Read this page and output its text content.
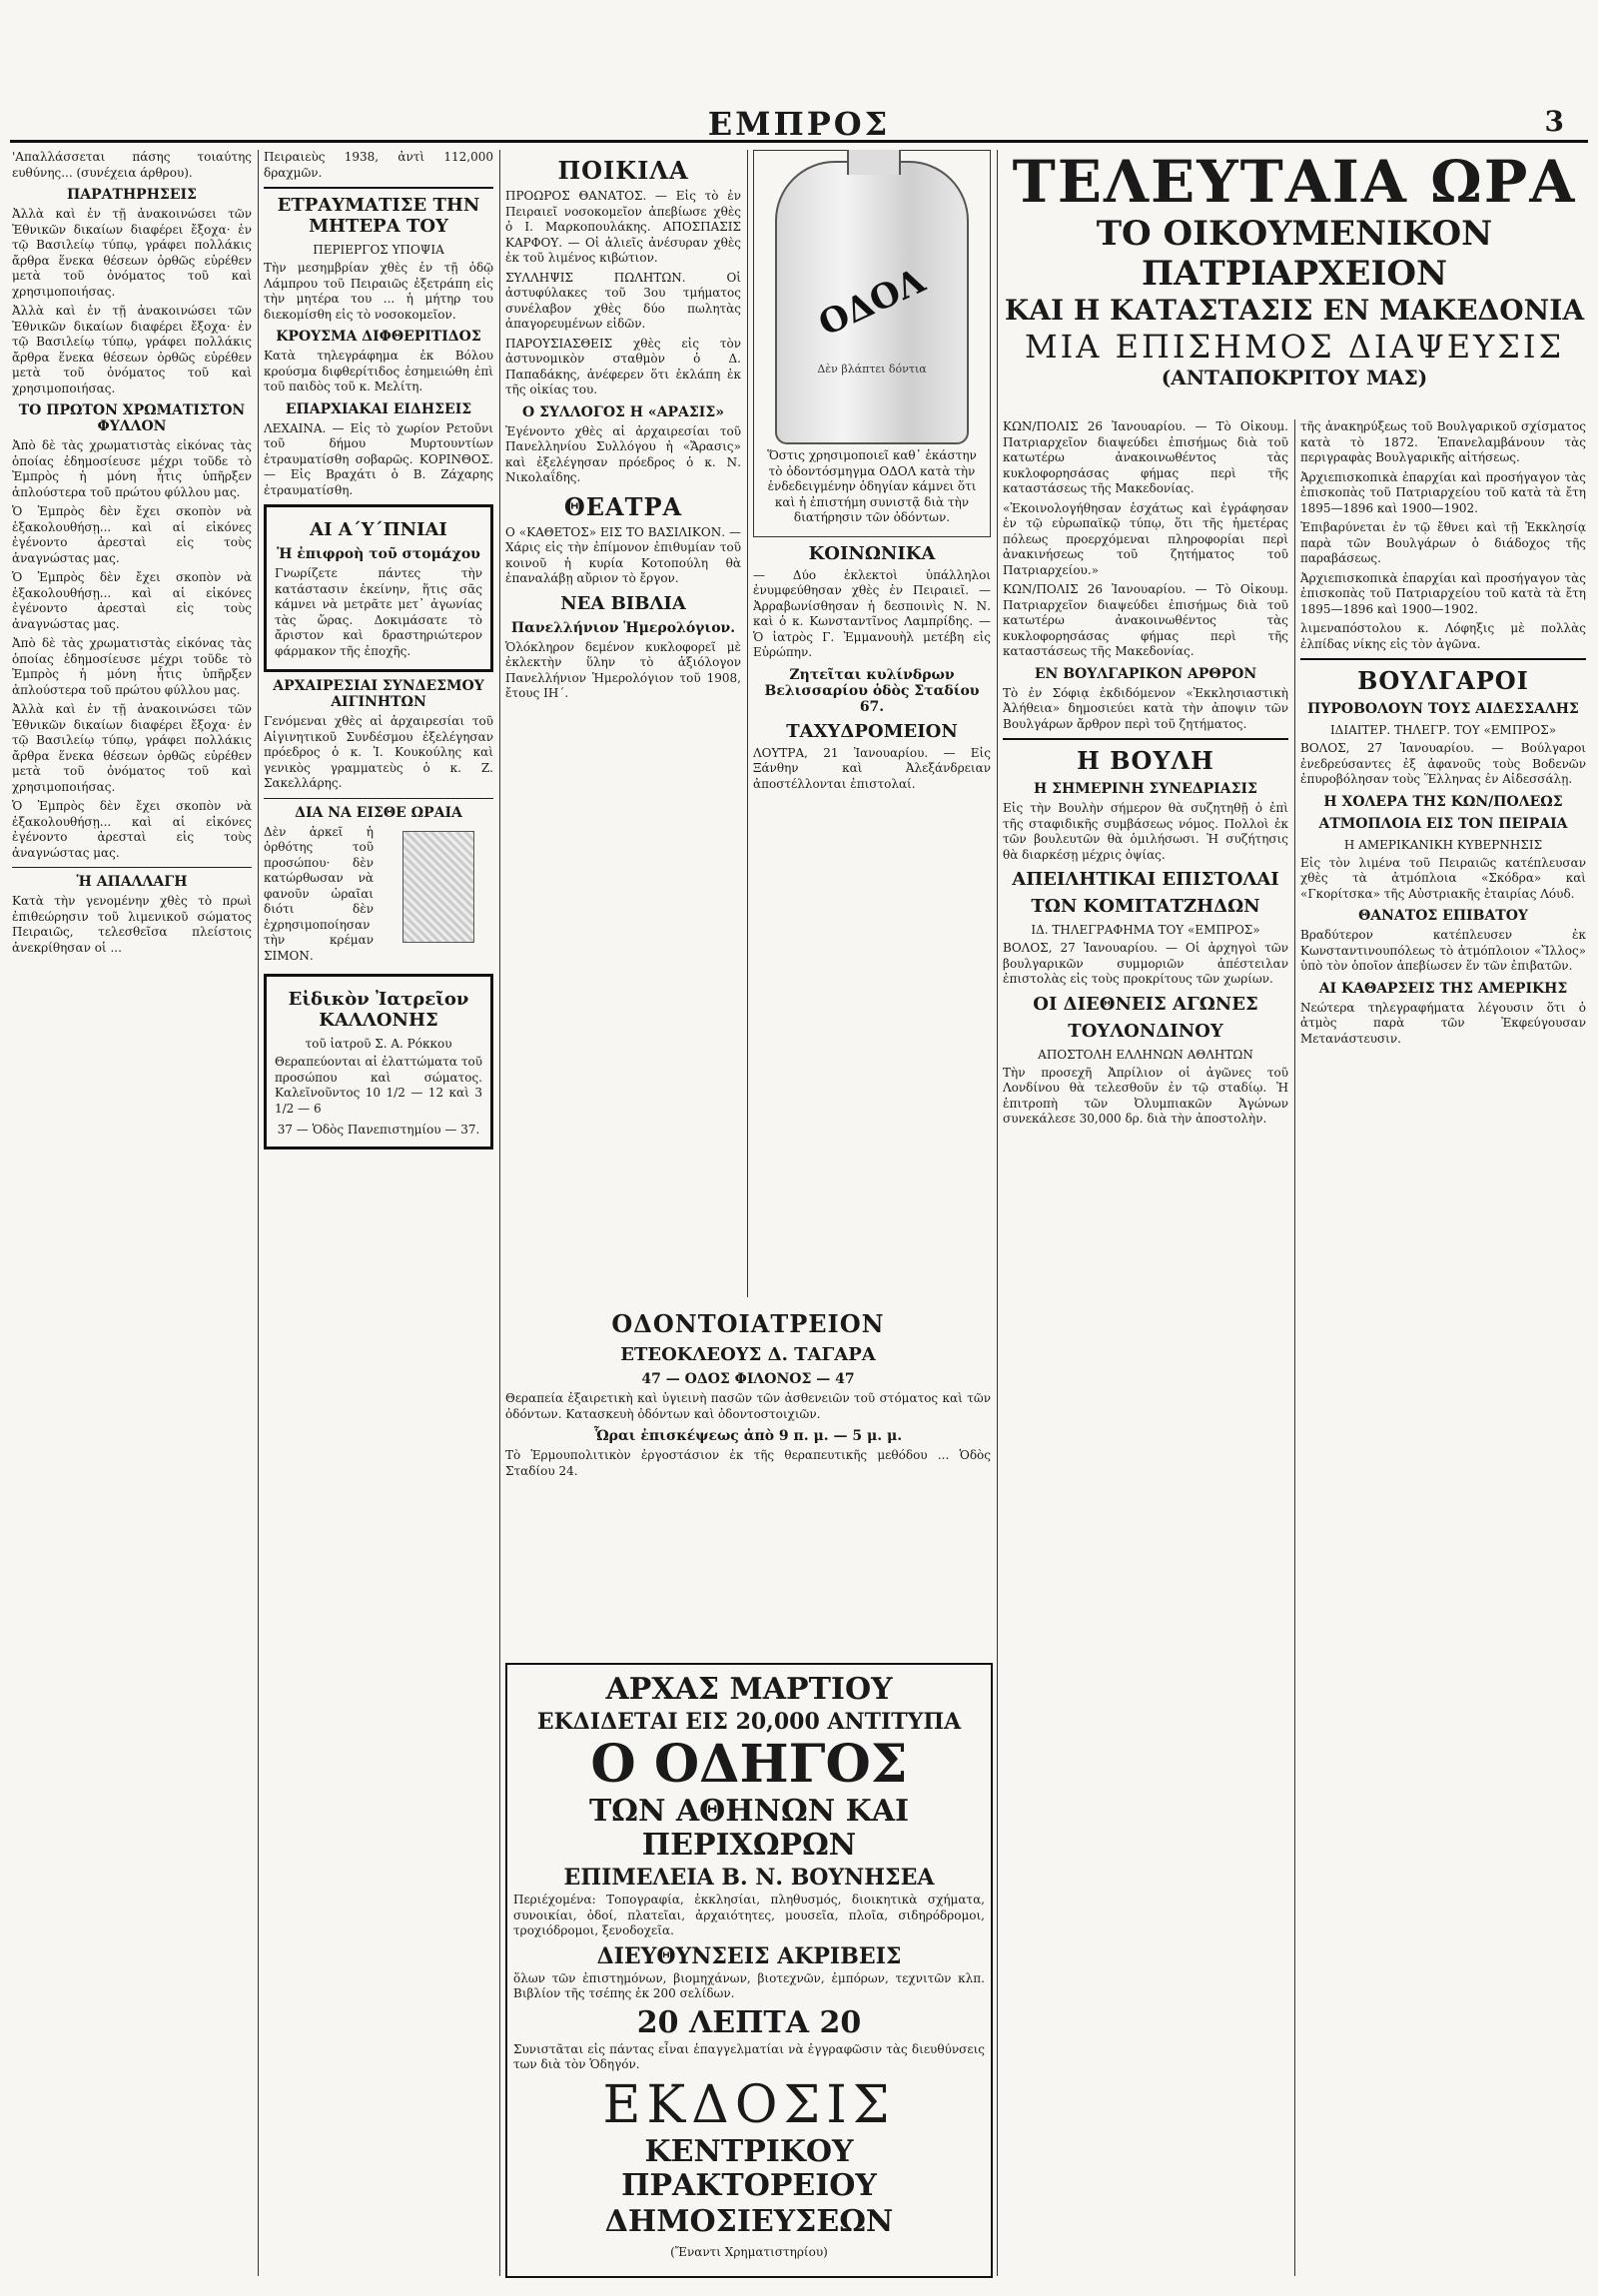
ΕΜΠΡΟΣ	3

'Απαλλάσσεται πάσης τοιαύτης ευθύνης... (συνέχεια άρθρου).

ΠΑΡΑΤΗΡΗΣΕΙΣ

Ἀλλὰ καὶ ἐν τῇ ἀνακοινώσει τῶν Ἐθνικῶν δικαίων διαφέρει ἔξοχα· ἐν τῷ Βασιλείῳ τύπῳ, γράφει πολλάκις ἄρθρα ἕνεκα θέσεων ὀρθῶς εὑρέθεν μετὰ τοῦ ὀνόματος τοῦ καὶ χρησιμοποιήσας.

Ἀλλὰ καὶ ἐν τῇ ἀνακοινώσει τῶν Ἐθνικῶν δικαίων διαφέρει ἔξοχα· ἐν τῷ Βασιλείῳ τύπῳ, γράφει πολλάκις ἄρθρα ἕνεκα θέσεων ὀρθῶς εὑρέθεν μετὰ τοῦ ὀνόματος τοῦ καὶ χρησιμοποιήσας.

ΤΟ ΠΡΩΤΟΝ ΧΡΩΜΑΤΙΣΤΟΝ ΦΥΛΛΟΝ

Ἀπὸ δὲ τὰς χρωματιστὰς εἰκόνας τὰς ὁποίας ἐδημοσίευσε μέχρι τοῦδε τὸ Ἐμπρὸς ἡ μόνη ἧτις ὑπῆρξεν ἀπλούστερα τοῦ πρώτου φύλλου μας.

Ὁ Ἐμπρὸς δὲν ἔχει σκοπὸν νὰ ἐξακολουθήσῃ... καὶ αἱ εἰκόνες ἐγένοντο ἀρεσταὶ εἰς τοὺς ἀναγνώστας μας.

Ὁ Ἐμπρὸς δὲν ἔχει σκοπὸν νὰ ἐξακολουθήσῃ... καὶ αἱ εἰκόνες ἐγένοντο ἀρεσταὶ εἰς τοὺς ἀναγνώστας μας.

Ἀπὸ δὲ τὰς χρωματιστὰς εἰκόνας τὰς ὁποίας ἐδημοσίευσε μέχρι τοῦδε τὸ Ἐμπρὸς ἡ μόνη ἧτις ὑπῆρξεν ἀπλούστερα τοῦ πρώτου φύλλου μας.

Ἀλλὰ καὶ ἐν τῇ ἀνακοινώσει τῶν Ἐθνικῶν δικαίων διαφέρει ἔξοχα· ἐν τῷ Βασιλείῳ τύπῳ, γράφει πολλάκις ἄρθρα ἕνεκα θέσεων ὀρθῶς εὑρέθεν μετὰ τοῦ ὀνόματος τοῦ καὶ χρησιμοποιήσας.

Ὁ Ἐμπρὸς δὲν ἔχει σκοπὸν νὰ ἐξακολουθήσῃ... καὶ αἱ εἰκόνες ἐγένοντο ἀρεσταὶ εἰς τοὺς ἀναγνώστας μας.

Ἡ ΑΠΑΛΛΑΓΗ

Κατὰ τὴν γενομένην χθὲς τὸ πρωὶ ἐπιθεώρησιν τοῦ λιμενικοῦ σώματος Πειραιῶς, τελεσθεῖσα πλείστοις ἀνεκρίθησαν οἱ ...

Πειραιεὺς 1938, ἀντὶ 112,000 δραχμῶν.

ΕΤΡΑΥΜΑΤΙΣΕ ΤΗΝ ΜΗΤΕΡΑ ΤΟΥ
ΠΕΡΙΕΡΓΟΣ ΥΠΟΨΙΑ

Τὴν μεσημβρίαν χθὲς ἐν τῇ ὁδῷ Λάμπρου τοῦ Πειραιῶς ἐξετράπη εἰς τὴν μητέρα του ... ἡ μήτηρ του διεκομίσθη εἰς τὸ νοσοκομεῖον.

ΚΡΟΥΣΜΑ ΔΙΦΘΕΡΙΤΙΔΟΣ

Κατὰ τηλεγράφημα ἐκ Βόλου κρούσμα διφθερίτιδος ἐσημειώθη ἐπὶ τοῦ παιδὸς τοῦ κ. Μελίτη.

ΕΠΑΡΧΙΑΚΑΙ ΕΙΔΗΣΕΙΣ

ΛΕΧΑΙΝΑ. — Εἰς τὸ χωρίον Ρετοῦνι τοῦ δήμου Μυρτουντίων ἐτραυματίσθη σοβαρῶς. ΚΟΡΙΝΘΟΣ. — Εἰς Βραχάτι ὁ Β. Ζάχαρης ἐτραυματίσθη.

ΑΙ Α΄Υ΄ΠΝΙΑΙ
Ἡ ἐπιφροὴ τοῦ στομάχου

Γνωρίζετε πάντες τὴν κατάστασιν ἐκείνην, ἥτις σᾶς κάμνει νὰ μετρᾶτε μετ᾽ ἀγωνίας τὰς ὥρας. Δοκιμάσατε τὸ ἄριστον καὶ δραστηριώτερον φάρμακον τῆς ἐποχῆς.

ΑΡΧΑΙΡΕΣΙΑΙ ΣΥΝΔΕΣΜΟΥ ΑΙΓΙΝΗΤΩΝ

Γενόμεναι χθὲς αἱ ἀρχαιρεσίαι τοῦ Αἰγινητικοῦ Συνδέσμου ἐξελέγησαν πρόεδρος ὁ κ. Ἰ. Κουκούλης καὶ γενικὸς γραμματεὺς ὁ κ. Ζ. Σακελλάρης.

ΔΙΑ ΝΑ ΕΙΣΘΕ ΩΡΑΙΑ

Δὲν ἀρκεῖ ἡ ὀρθότης τοῦ προσώπου· δὲν κατώρθωσαν νὰ φανοῦν ὡραῖαι διότι δὲν ἐχρησιμοποίησαν τὴν κρέμαν ΣΙΜΟΝ.

Εἰδικὸν Ἰατρεῖον ΚΑΛΛΟΝΗΣ
τοῦ ἰατροῦ Σ. Α. Ρόκκου

Θεραπεύονται αἱ ἐλαττώματα τοῦ προσώπου καὶ σώματος. Καλεῖνοῦντος 10 1/2 — 12 καὶ 3 1/2 — 6

37 — Ὁδὸς Πανεπιστημίου — 37.
ΠΟΙΚΙΛΑ

ΠΡΟΩΡΟΣ ΘΑΝΑΤΟΣ. — Εἰς τὸ ἐν Πειραιεῖ νοσοκομεῖον ἀπεβίωσε χθὲς ὁ Ι. Μαρκοπουλάκης. ΑΠΟΣΠΑΣΙΣ ΚΑΡΦΟΥ. — Οἱ ἀλιεῖς ἀνέσυραν χθὲς ἐκ τοῦ λιμένος κιβώτιον.

ΣΥΛΛΗΨΙΣ ΠΩΛΗΤΩΝ. Οἱ ἀστυφύλακες τοῦ 3ου τμήματος συνέλαβον χθὲς δύο πωλητὰς ἀπαγορευμένων εἰδῶν.

ΠΑΡΟΥΣΙΑΣΘΕΙΣ χθὲς εἰς τὸν ἀστυνομικὸν σταθμὸν ὁ Δ. Παπαδάκης, ἀνέφερεν ὅτι ἐκλάπη ἐκ τῆς οἰκίας του.

Ο ΣΥΛΛΟΓΟΣ Η «ΑΡΑΣΙΣ»

Ἐγένοντο χθὲς αἱ ἀρχαιρεσίαι τοῦ Πανελληνίου Συλλόγου ἡ «Ἄρασις» καὶ ἐξελέγησαν πρόεδρος ὁ κ. Ν. Νικολαΐδης.

ΘΕΑΤΡΑ

Ο «ΚΑΘΕΤΟΣ» ΕΙΣ ΤΟ ΒΑΣΙΛΙΚΟΝ. — Χάρις εἰς τὴν ἐπίμονον ἐπιθυμίαν τοῦ κοινοῦ ἡ κυρία Κοτοπούλη θὰ ἐπαναλάβῃ αὔριον τὸ ἔργον.

ΝΕΑ ΒΙΒΛΙΑ
Πανελλήνιον Ἡμερολόγιον.

Ὁλόκληρον δεμένον κυκλοφορεῖ μὲ ἐκλεκτὴν ὕλην τὸ ἀξιόλογον Πανελλήνιον Ἡμερολόγιον τοῦ 1908, ἔτους ΙΗ΄.

ΟΔΟΛ
Δὲν βλάπτει δόντια

Ὅστις χρησιμοποιεῖ καθ᾽ ἑκάστην τὸ ὀδοντόσμηγμα ΟΔΟΛ κατὰ τὴν ἐνδεδειγμένην ὁδηγίαν κάμνει ὅτι καὶ ἡ ἐπιστήμη συνιστᾷ διὰ τὴν διατήρησιν τῶν ὀδόντων.

ΚΟΙΝΩΝΙΚΑ

— Δύο ἐκλεκτοὶ ὑπάλληλοι ἐνυμφεύθησαν χθὲς ἐν Πειραιεῖ. — Ἀρραβωνίσθησαν ἡ δεσποινὶς Ν. Ν. καὶ ὁ κ. Κωνσταντῖνος Λαμπρίδης. — Ὁ ἰατρὸς Γ. Ἐμμανουὴλ μετέβη εἰς Εὐρώπην.

Ζητεῖται κυλίνδρων Βελισσαρίου ὁδὸς Σταδίου 67.
ΤΑΧΥΔΡΟΜΕΙΟΝ

ΛΟΥΤΡΑ, 21 Ἰανουαρίου. — Εἰς Ξάνθην καὶ Ἀλεξάνδρειαν ἀποστέλλονται ἐπιστολαί.

ΟΔΟΝΤΟΙΑΤΡΕΙΟΝ
ΕΤΕΟΚΛΕΟΥΣ Δ. ΤΑΓΑΡΑ
47 — ΟΔΟΣ ΦΙΛΟΝΟΣ — 47

Θεραπεία ἐξαιρετικὴ καὶ ὑγιεινὴ πασῶν τῶν ἀσθενειῶν τοῦ στόματος καὶ τῶν ὀδόντων. Κατασκευὴ ὀδόντων καὶ ὀδοντοστοιχιῶν.

Ὧραι ἐπισκέψεως ἀπὸ 9 π. μ. — 5 μ. μ.

Τὸ Ἑρμουπολιτικὸν ἐργοστάσιον ἐκ τῆς θεραπευτικῆς μεθόδου ... Ὁδὸς Σταδίου 24.

ΑΡΧΑΣ ΜΑΡΤΙΟΥ
ΕΚΔΙΔΕΤΑΙ ΕΙΣ 20,000 ΑΝΤΙΤΥΠΑ
Ο ΟΔΗΓΟΣ
ΤΩΝ ΑΘΗΝΩΝ ΚΑΙ ΠΕΡΙΧΩΡΩΝ
ΕΠΙΜΕΛΕΙΑ Β. Ν. ΒΟΥΝΗΣΕΑ

Περιέχομένα: Τοπογραφία, ἐκκλησίαι, πληθυσμός, διοικητικὰ σχήματα, συνοικίαι, ὁδοί, πλατεῖαι, ἀρχαιότητες, μουσεῖα, πλοῖα, σιδηρόδρομοι, τροχιόδρομοι, ξενοδοχεῖα.

ΔΙΕΥΘΥΝΣΕΙΣ ΑΚΡΙΒΕΙΣ

ὅλων τῶν ἐπιστημόνων, βιομηχάνων, βιοτεχνῶν, ἐμπόρων, τεχνιτῶν κλπ. Βιβλίον τῆς τσέπης ἐκ 200 σελίδων.

20 ΛΕΠΤΑ 20

Συνιστᾶται εἰς πάντας εἶναι ἐπαγγελματίαι νὰ ἐγγραφῶσιν τὰς διευθύνσεις των διὰ τὸν Ὁδηγόν.

ΕΚΔΟΣΙΣ
ΚΕΝΤΡΙΚΟΥ ΠΡΑΚΤΟΡΕΙΟΥ
ΔΗΜΟΣΙΕΥΣΕΩΝ
(Ἔναντι Χρηματιστηρίου)
ΤΕΛΕΥΤΑΙΑ ΩΡΑ
ΤΟ ΟΙΚΟΥΜΕΝΙΚΟΝ ΠΑΤΡΙΑΡΧΕΙΟΝ
ΚΑΙ Η ΚΑΤΑΣΤΑΣΙΣ ΕΝ ΜΑΚΕΔΟΝΙΑ
ΜΙΑ ΕΠΙΣΗΜΟΣ ΔΙΑΨΕΥΣΙΣ
(ΑΝΤΑΠΟΚΡΙΤΟΥ ΜΑΣ)

ΚΩΝ/ΠΟΛΙΣ 26 Ἰανουαρίου. — Τὸ Οἰκουμ. Πατριαρχεῖον διαψεύδει ἐπισήμως διὰ τοῦ κατωτέρω ἀνακοινωθέντος τὰς κυκλοφορησάσας φήμας περὶ τῆς καταστάσεως τῆς Μακεδονίας.

«Ἐκοινολογήθησαν ἐσχάτως καὶ ἐγράφησαν ἐν τῷ εὐρωπαϊκῷ τύπῳ, ὅτι τῆς ἡμετέρας πόλεως προερχόμεναι πληροφορίαι περὶ ἀνακινήσεως τοῦ ζητήματος τοῦ Πατριαρχείου.»

ΚΩΝ/ΠΟΛΙΣ 26 Ἰανουαρίου. — Τὸ Οἰκουμ. Πατριαρχεῖον διαψεύδει ἐπισήμως διὰ τοῦ κατωτέρω ἀνακοινωθέντος τὰς κυκλοφορησάσας φήμας περὶ τῆς καταστάσεως τῆς Μακεδονίας.

ΕΝ ΒΟΥΛΓΑΡΙΚΟΝ ΑΡΘΡΟΝ

Τὸ ἐν Σόφιᾳ ἐκδιδόμενον «Ἐκκλησιαστικὴ Ἀλήθεια» δημοσιεύει κατὰ τὴν ἀποψιν τῶν Βουλγάρων ἄρθρον περὶ τοῦ ζητήματος.

Η ΒΟΥΛΗ
Η ΣΗΜΕΡΙΝΗ ΣΥΝΕΔΡΙΑΣΙΣ

Εἰς τὴν Βουλὴν σήμερον θὰ συζητηθῇ ὁ ἐπὶ τῆς σταφιδικῆς συμβάσεως νόμος. Πολλοὶ ἐκ τῶν βουλευτῶν θὰ ὁμιλήσωσι. Ἡ συζήτησις θὰ διαρκέσῃ μέχρις ὀψίας.

ΑΠΕΙΛΗΤΙΚΑΙ ΕΠΙΣΤΟΛΑΙ
ΤΩΝ ΚΟΜΙΤΑΤΖΗΔΩΝ
ΙΔ. ΤΗΛΕΓΡΑΦΗΜΑ ΤΟΥ «ΕΜΠΡΟΣ»

ΒΟΛΟΣ, 27 Ἰανουαρίου. — Οἱ ἀρχηγοὶ τῶν βουλγαρικῶν συμμοριῶν ἀπέστειλαν ἐπιστολὰς εἰς τοὺς προκρίτους τῶν χωρίων.

ΟΙ ΔΙΕΘΝΕΙΣ ΑΓΩΝΕΣ
ΤΟΥΛΟΝΔΙΝΟΥ
ΑΠΟΣΤΟΛΗ ΕΛΛΗΝΩΝ ΑΘΛΗΤΩΝ

Τὴν προσεχῆ Ἀπρίλιον οἱ ἀγῶνες τοῦ Λονδίνου θὰ τελεσθοῦν ἐν τῷ σταδίῳ. Ἡ ἐπιτροπὴ τῶν Ὀλυμπιακῶν Ἀγώνων συνεκάλεσε 30,000 δρ. διὰ τὴν ἀποστολὴν.

τῆς ἀνακηρύξεως τοῦ Βουλγαρικοῦ σχίσματος κατὰ τὸ 1872. Ἐπανελαμβάνουν τὰς περιγραφὰς Βουλγαρικῆς αἰτήσεως.

Ἀρχιεπισκοπικὰ ἐπαρχίαι καὶ προσήγαγον τὰς ἐπισκοπὰς τοῦ Πατριαρχείου τοῦ κατὰ τὰ ἔτη 1895—1896 καὶ 1900—1902.

Ἐπιβαρύνεται ἐν τῷ ἔθνει καὶ τῇ Ἐκκλησίᾳ παρὰ τῶν Βουλγάρων ὁ διάδοχος τῆς παραβάσεως.

Ἀρχιεπισκοπικὰ ἐπαρχίαι καὶ προσήγαγον τὰς ἐπισκοπὰς τοῦ Πατριαρχείου τοῦ κατὰ τὰ ἔτη 1895—1896 καὶ 1900—1902.

λιμεναπόστολου κ. Λόφηξις μὲ πολλὰς ἐλπίδας νίκης εἰς τὸν ἀγῶνα.

ΒΟΥΛΓΑΡΟΙ
ΠΥΡΟΒΟΛΟΥΝ ΤΟΥΣ ΑΙΔΕΣΣΑΛΗΣ
ΙΔΙΑΙΤΕΡ. ΤΗΛΕΓΡ. ΤΟΥ «ΕΜΠΡΟΣ»

ΒΟΛΟΣ, 27 Ἰανουαρίου. — Βούλγαροι ἐνεδρεύσαντες ἐξ ἀφανοῦς τοὺς Βοδενῶν ἐπυροβόλησαν τοὺς Ἕλληνας ἐν Αἰδεσσάλῃ.

Η ΧΟΛΕΡΑ ΤΗΣ ΚΩΝ/ΠΟΛΕΩΣ
ΑΤΜΟΠΛΟΙΑ ΕΙΣ ΤΟΝ ΠΕΙΡΑΙΑ
Η ΑΜΕΡΙΚΑΝΙΚΗ ΚΥΒΕΡΝΗΣΙΣ

Εἰς τὸν λιμένα τοῦ Πειραιῶς κατέπλευσαν χθὲς τὰ ἀτμόπλοια «Σκόδρα» καὶ «Γκορίτσκα» τῆς Αὐστριακῆς ἑταιρίας Λόυδ.

ΘΑΝΑΤΟΣ ΕΠΙΒΑΤΟΥ

Βραδύτερον κατέπλευσεν ἐκ Κωνσταντινουπόλεως τὸ ἀτμόπλοιον «Ἴλλος» ὑπὸ τὸν ὁποῖον ἀπεβίωσεν ἕν τῶν ἐπιβατῶν.

ΑΙ ΚΑΘΑΡΣΕΙΣ ΤΗΣ ΑΜΕΡΙΚΗΣ

Νεώτερα τηλεγραφήματα λέγουσιν ὅτι ὁ ἀτμὸς παρὰ τῶν Ἐκφεύγουσαν Μετανάστευσιν.
